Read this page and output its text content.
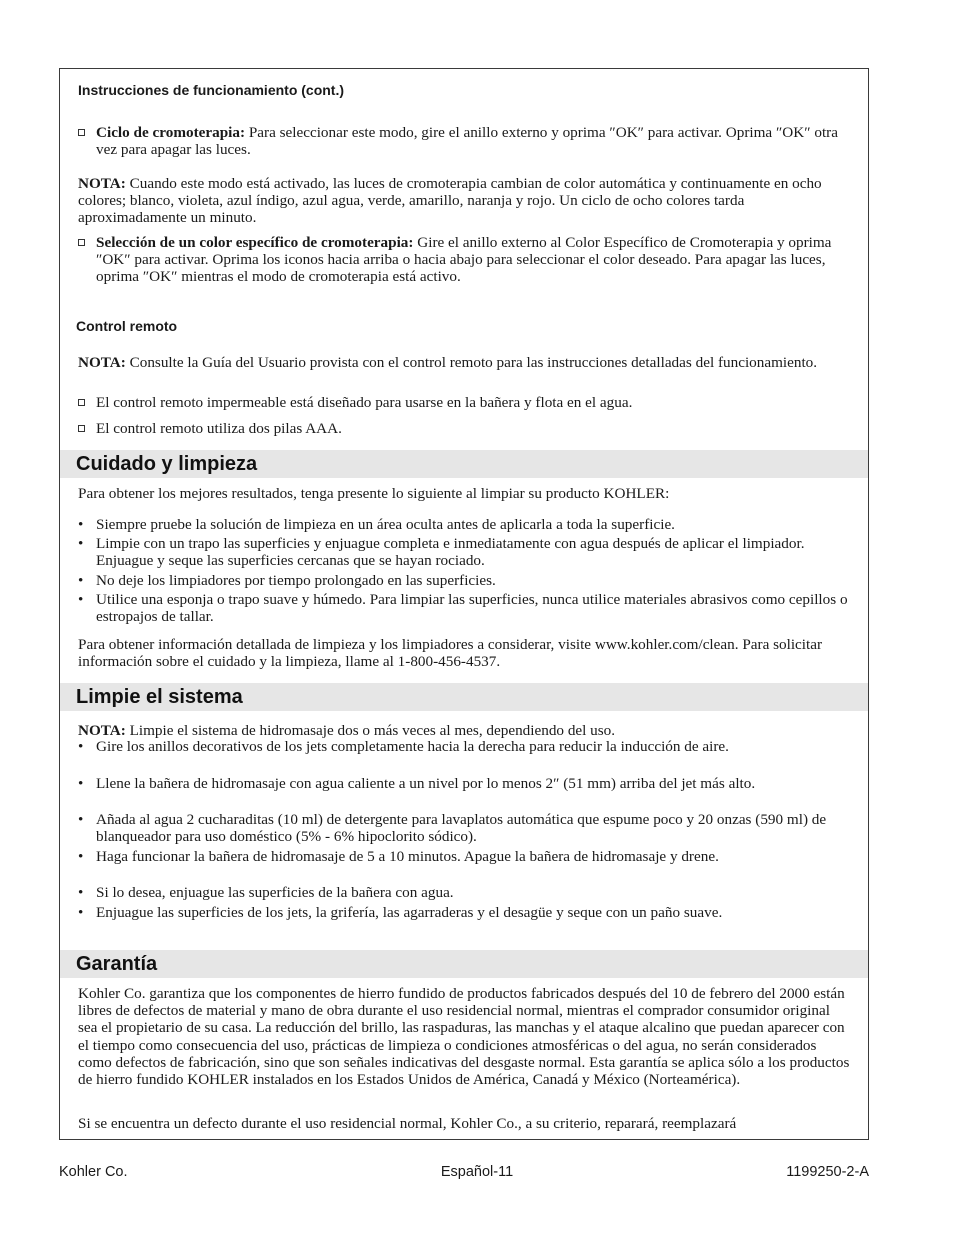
Instrucciones de funcionamiento (cont.)
Ciclo de cromoterapia: Para seleccionar este modo, gire el anillo externo y oprima ″OK″ para activar. Oprima ″OK″ otra vez para apagar las luces.
NOTA: Cuando este modo está activado, las luces de cromoterapia cambian de color automática y continuamente en ocho colores; blanco, violeta, azul índigo, azul agua, verde, amarillo, naranja y rojo. Un ciclo de ocho colores tarda aproximadamente un minuto.
Selección de un color específico de cromoterapia: Gire el anillo externo al Color Específico de Cromoterapia y oprima ″OK″ para activar. Oprima los iconos hacia arriba o hacia abajo para seleccionar el color deseado. Para apagar las luces, oprima ″OK″ mientras el modo de cromoterapia está activo.
Control remoto
NOTA: Consulte la Guía del Usuario provista con el control remoto para las instrucciones detalladas del funcionamiento.
El control remoto impermeable está diseñado para usarse en la bañera y flota en el agua.
El control remoto utiliza dos pilas AAA.
Cuidado y limpieza
Para obtener los mejores resultados, tenga presente lo siguiente al limpiar su producto KOHLER:
• Siempre pruebe la solución de limpieza en un área oculta antes de aplicarla a toda la superficie.
• Limpie con un trapo las superficies y enjuague completa e inmediatamente con agua después de aplicar el limpiador. Enjuague y seque las superficies cercanas que se hayan rociado.
• No deje los limpiadores por tiempo prolongado en las superficies.
• Utilice una esponja o trapo suave y húmedo. Para limpiar las superficies, nunca utilice materiales abrasivos como cepillos o estropajos de tallar.
Para obtener información detallada de limpieza y los limpiadores a considerar, visite www.kohler.com/clean. Para solicitar información sobre el cuidado y la limpieza, llame al 1-800-456-4537.
Limpie el sistema
NOTA: Limpie el sistema de hidromasaje dos o más veces al mes, dependiendo del uso.
• Gire los anillos decorativos de los jets completamente hacia la derecha para reducir la inducción de aire.
• Llene la bañera de hidromasaje con agua caliente a un nivel por lo menos 2″ (51 mm) arriba del jet más alto.
• Añada al agua 2 cucharaditas (10 ml) de detergente para lavaplatos automática que espume poco y 20 onzas (590 ml) de blanqueador para uso doméstico (5% - 6% hipoclorito sódico).
• Haga funcionar la bañera de hidromasaje de 5 a 10 minutos. Apague la bañera de hidromasaje y drene.
• Si lo desea, enjuague las superficies de la bañera con agua.
• Enjuague las superficies de los jets, la grifería, las agarraderas y el desagüe y seque con un paño suave.
Garantía
Kohler Co. garantiza que los componentes de hierro fundido de productos fabricados después del 10 de febrero del 2000 están libres de defectos de material y mano de obra durante el uso residencial normal, mientras el comprador consumidor original sea el propietario de su casa. La reducción del brillo, las raspaduras, las manchas y el ataque alcalino que puedan aparecer con el tiempo como consecuencia del uso, prácticas de limpieza o condiciones atmosféricas o del agua, no serán considerados como defectos de fabricación, sino que son señales indicativas del desgaste normal. Esta garantía se aplica sólo a los productos de hierro fundido KOHLER instalados en los Estados Unidos de América, Canadá y México (Norteamérica).
Si se encuentra un defecto durante el uso residencial normal, Kohler Co., a su criterio, reparará, reemplazará
Kohler Co.	Español-11	1199250-2-A
